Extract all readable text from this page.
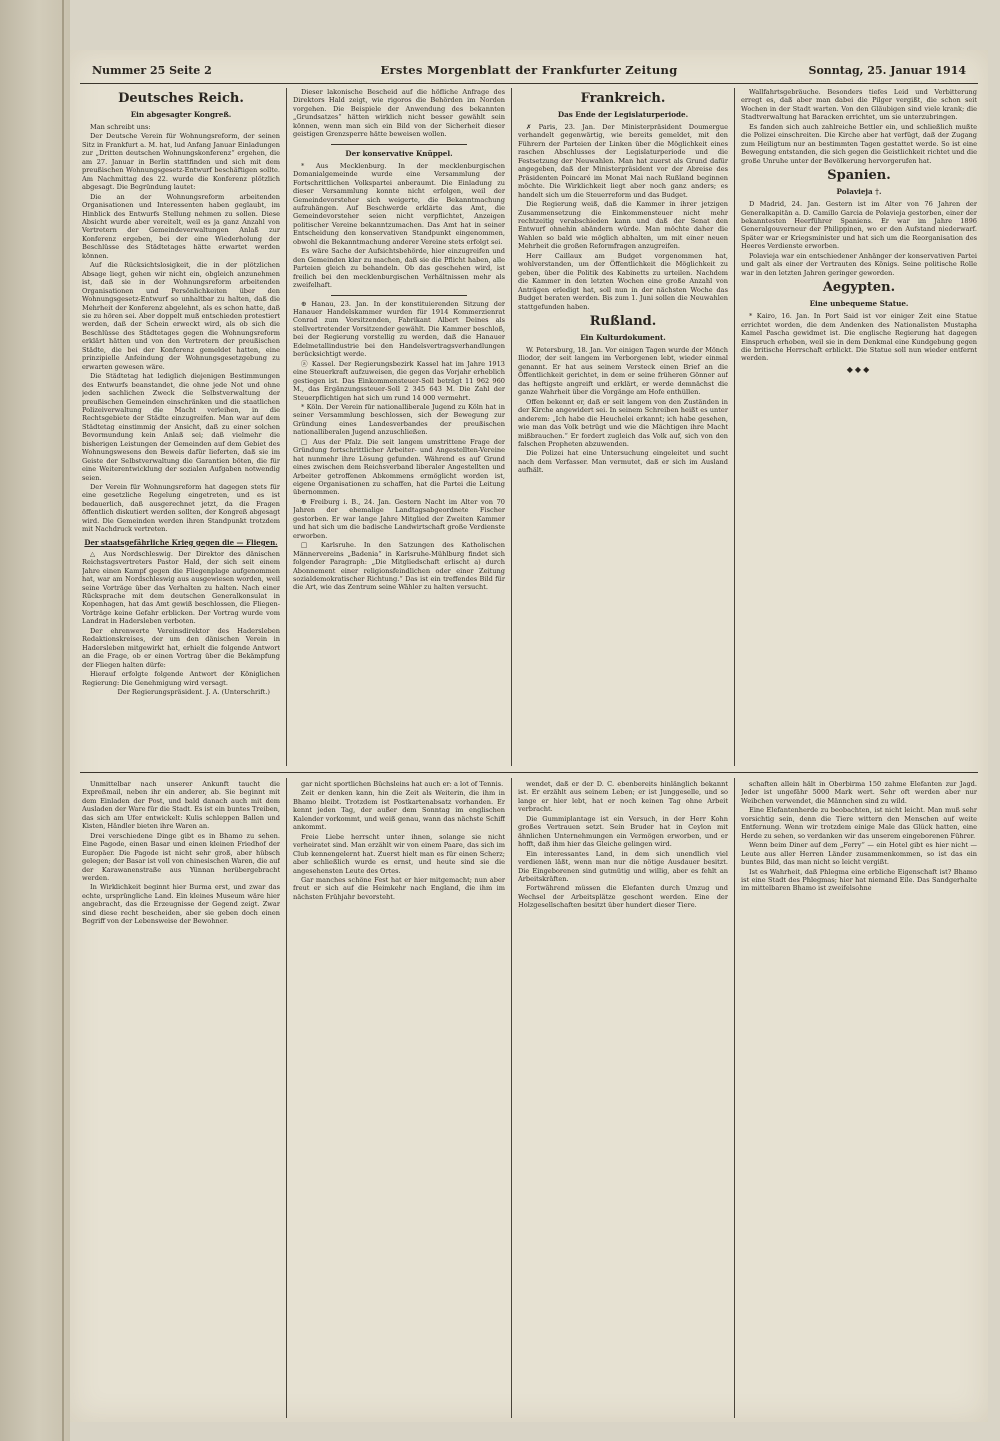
Nummer 25 Seite 2	Erstes Morgenblatt der Frankfurter Zeitung	Sonntag, 25. Januar 1914
Deutsches Reich.
Ein abgesagter Kongreß.

Man schreibt uns:

Der Deutsche Verein für Wohnungsreform, der seinen Sitz in Frankfurt a. M. hat, lud Anfang Januar Einladungen zur „Dritten deutschen Wohnungskonferenz“ ergehen, die am 27. Januar in Berlin stattfinden und sich mit dem preußischen Wohnungsgesetz-Entwurf beschäftigen sollte. Am Nachmittag des 22. wurde die Konferenz plötzlich abgesagt. Die Begründung lautet:

Die an der Wohnungsreform arbeitenden Organisationen und Interessenten haben geglaubt, im Hinblick des Entwurfs Stellung nehmen zu sollen. Diese Absicht wurde aber vereitelt, weil es ja ganz Anzahl von Vertretern der Gemeindeverwaltungen Anlaß zur Konferenz ergeben, bei der eine Wiederholung der Beschlüsse des Städtetages hätte erwartet werden können.

Auf die Rücksichtslosigkeit, die in der plötzlichen Absage liegt, gehen wir nicht ein, obgleich anzunehmen ist, daß sie in der Wohnungsreform arbeitenden Organisationen und Persönlichkeiten über den Wohnungsgesetz-Entwurf so unhaltbar zu halten, daß die Mehrheit der Konferenz abgelehnt, als es schon hatte, daß sie zu hören sei. Aber doppelt muß entschieden protestiert werden, daß der Schein erweckt wird, als ob sich die Beschlüsse des Städtetages gegen die Wohnungsreform erklärt hätten und von den Vertretern der preußischen Städte, die bei der Konferenz gemeldet hatten, eine prinzipielle Anfeindung der Wohnungsgesetzgebung zu erwarten gewesen wäre.

Die Städtetag hat lediglich diejenigen Bestimmungen des Entwurfs beanstandet, die ohne jede Not und ohne jeden sachlichen Zweck die Selbstverwaltung der preußischen Gemeinden einschränken und die staatlichen Polizeiverwaltung die Macht verleihen, in die Rechtsgebiete der Städte einzugreifen. Man war auf dem Städtetag einstimmig der Ansicht, daß zu einer solchen Bevormundung kein Anlaß sei; daß vielmehr die bisherigen Leistungen der Gemeinden auf dem Gebiet des Wohnungswesens den Beweis dafür lieferten, daß sie im Geiste der Selbstverwaltung die Garantien böten, die für eine Weiterentwicklung der sozialen Aufgaben notwendig seien.

Der Verein für Wohnungsreform hat dagegen stets für eine gesetzliche Regelung eingetreten, und es ist bedauerlich, daß ausgerechnet jetzt, da die Fragen öffentlich diskutiert werden sollten, der Kongreß abgesagt wird. Die Gemeinden werden ihren Standpunkt trotzdem mit Nachdruck vertreten.

Der staatsgefährliche Krieg gegen die — Fliegen.

△ Aus Nordschleswig. Der Direktor des dänischen Reichstagsvertreters Pastor Hald, der sich seit einem Jahre einen Kampf gegen die Fliegenplage aufgenommen hat, war am Nordschleswig aus ausgewiesen worden, weil seine Vorträge über das Verhalten zu halten. Nach einer Rücksprache mit dem deutschen Generalkonsulat in Kopenhagen, hat das Amt gewiß beschlossen, die Fliegen-Vorträge keine Gefahr erblicken. Der Vortrag wurde vom Landrat in Hadersleben verboten.

Der ehrenwerte Vereinsdirektor des Hadersleben Redaktionskreises, der um den dänischen Verein in Hadersleben mitgewirkt hat, erhielt die folgende Antwort an die Frage, ob er einen Vortrag über die Bekämpfung der Fliegen halten dürfe:

Hierauf erfolgte folgende Antwort der Königlichen Regierung: Die Genehmigung wird versagt.

Der Regierungspräsident. J. A. (Unterschrift.)

Dieser lakonische Bescheid auf die höfliche Anfrage des Direktors Hald zeigt, wie rigoros die Behörden im Norden vorgehen. Die Beispiele der Anwendung des bekannten „Grundsatzes“ hätten wirklich nicht besser gewählt sein können, wenn man sich ein Bild von der Sicherheit dieser geistigen Grenzsperre hätte beweisen wollen.

Der konservative Knüppel.

* Aus Mecklenburg. In der mecklenburgischen Domanialgemeinde wurde eine Versammlung der Fortschrittlichen Volkspartei anberaumt. Die Einladung zu dieser Versammlung konnte nicht erfolgen, weil der Gemeindevorsteher sich weigerte, die Bekanntmachung aufzuhängen. Auf Beschwerde erklärte das Amt, die Gemeindevorsteher seien nicht verpflichtet, Anzeigen politischer Vereine bekanntzumachen. Das Amt hat in seiner Entscheidung den konservativen Standpunkt eingenommen, obwohl die Bekanntmachung anderer Vereine stets erfolgt sei.

Es wäre Sache der Aufsichtsbehörde, hier einzugreifen und den Gemeinden klar zu machen, daß sie die Pflicht haben, alle Parteien gleich zu behandeln. Ob das geschehen wird, ist freilich bei den mecklenburgischen Verhältnissen mehr als zweifelhaft.

⊕ Hanau, 23. Jan. In der konstituierenden Sitzung der Hanauer Handelskammer wurden für 1914 Kommerzienrat Conrad zum Vorsitzenden, Fabrikant Albert Deines als stellvertretender Vorsitzender gewählt. Die Kammer beschloß, bei der Regierung vorstellig zu werden, daß die Hanauer Edelmetallindustrie bei den Handelsvertragsverhandlungen berücksichtigt werde.

ⓐ Kassel. Der Regierungsbezirk Kassel hat im Jahre 1913 eine Steuerkraft aufzuweisen, die gegen das Vorjahr erheblich gestiegen ist. Das Einkommensteuer-Soll beträgt 11 962 960 M., das Ergänzungssteuer-Soll 2 345 643 M. Die Zahl der Steuerpflichtigen hat sich um rund 14 000 vermehrt.

* Köln. Der Verein für nationalliberale Jugend zu Köln hat in seiner Versammlung beschlossen, sich der Bewegung zur Gründung eines Landesverbandes der preußischen nationalliberalen Jugend anzuschließen.

□ Aus der Pfalz. Die seit langem umstrittene Frage der Gründung fortschrittlicher Arbeiter- und Angestellten-Vereine hat nunmehr ihre Lösung gefunden. Während es auf Grund eines zwischen dem Reichsverband liberaler Angestellten und Arbeiter getroffenen Abkommens ermöglicht worden ist, eigene Organisationen zu schaffen, hat die Partei die Leitung übernommen.

⊕ Freiburg i. B., 24. Jan. Gestern Nacht im Alter von 70 Jahren der ehemalige Landtagsabgeordnete Fischer gestorben. Er war lange Jahre Mitglied der Zweiten Kammer und hat sich um die badische Landwirtschaft große Verdienste erworben.

□ Karlsruhe. In den Satzungen des Katholischen Männervereins „Badenia“ in Karlsruhe-Mühlburg findet sich folgender Paragraph: „Die Mitgliedschaft erlischt a) durch Abonnement einer religionsfeindlichen oder einer Zeitung sozialdemokratischer Richtung.“ Das ist ein treffendes Bild für die Art, wie das Zentrum seine Wähler zu halten versucht.

Frankreich.
Das Ende der Legislaturperiode.

✗ Paris, 23. Jan. Der Ministerpräsident Doumergue verhandelt gegenwärtig, wie bereits gemeldet, mit den Führern der Parteien der Linken über die Möglichkeit eines raschen Abschlusses der Legislaturperiode und die Festsetzung der Neuwahlen. Man hat zuerst als Grund dafür angegeben, daß der Ministerpräsident vor der Abreise des Präsidenten Poincaré im Monat Mai nach Rußland beginnen möchte. Die Wirklichkeit liegt aber noch ganz anders; es handelt sich um die Steuerreform und das Budget.

Die Regierung weiß, daß die Kammer in ihrer jetzigen Zusammensetzung die Einkommensteuer nicht mehr rechtzeitig verabschieden kann und daß der Senat den Entwurf ohnehin abändern würde. Man möchte daher die Wahlen so bald wie möglich abhalten, um mit einer neuen Mehrheit die großen Reformfragen anzugreifen.

Herr Caillaux am Budget vorgenommen hat, wohlverstanden, um der Öffentlichkeit die Möglichkeit zu geben, über die Politik des Kabinetts zu urteilen. Nachdem die Kammer in den letzten Wochen eine große Anzahl von Anträgen erledigt hat, soll nun in der nächsten Woche das Budget beraten werden. Bis zum 1. Juni sollen die Neuwahlen stattgefunden haben.

Rußland.
Ein Kulturdokument.

W. Petersburg, 18. Jan. Vor einigen Tagen wurde der Mönch Iliodor, der seit langem im Verborgenen lebt, wieder einmal genannt. Er hat aus seinem Versteck einen Brief an die Öffentlichkeit gerichtet, in dem er seine früheren Gönner auf das heftigste angreift und erklärt, er werde demnächst die ganze Wahrheit über die Vorgänge am Hofe enthüllen.

Offen bekennt er, daß er seit langem von den Zuständen in der Kirche angewidert sei. In seinem Schreiben heißt es unter anderem: „Ich habe die Heuchelei erkannt; ich habe gesehen, wie man das Volk betrügt und wie die Mächtigen ihre Macht mißbrauchen.“ Er fordert zugleich das Volk auf, sich von den falschen Propheten abzuwenden.

Die Polizei hat eine Untersuchung eingeleitet und sucht nach dem Verfasser. Man vermutet, daß er sich im Ausland aufhält.

Wallfahrtsgebräuche. Besonders tiefes Leid und Verbitterung erregt es, daß aber man dabei die Pilger vergißt, die schon seit Wochen in der Stadt warten. Von den Gläubigen sind viele krank; die Stadtverwaltung hat Baracken errichtet, um sie unterzubringen.

Es fanden sich auch zahlreiche Bettler ein, und schließlich mußte die Polizei einschreiten. Die Kirche aber hat verfügt, daß der Zugang zum Heiligtum nur an bestimmten Tagen gestattet werde. So ist eine Bewegung entstanden, die sich gegen die Geistlichkeit richtet und die große Unruhe unter der Bevölkerung hervorgerufen hat.

Spanien.
Polavieja †.

D Madrid, 24. Jan. Gestern ist im Alter von 76 Jahren der Generalkapitän a. D. Camillo Garcia de Polavieja gestorben, einer der bekanntesten Heerführer Spaniens. Er war im Jahre 1896 Generalgouverneur der Philippinen, wo er den Aufstand niederwarf. Später war er Kriegsminister und hat sich um die Reorganisation des Heeres Verdienste erworben.

Polavieja war ein entschiedener Anhänger der konservativen Partei und galt als einer der Vertrauten des Königs. Seine politische Rolle war in den letzten Jahren geringer geworden.

Aegypten.
Eine unbequeme Statue.

* Kairo, 16. Jan. In Port Said ist vor einiger Zeit eine Statue errichtet worden, die dem Andenken des Nationalisten Mustapha Kamel Pascha gewidmet ist. Die englische Regierung hat dagegen Einspruch erhoben, weil sie in dem Denkmal eine Kundgebung gegen die britische Herrschaft erblickt. Die Statue soll nun wieder entfernt werden.

◆◆◆

Unmittelbar nach unserer Ankunft taucht die Expreßmail, neben ihr ein anderer, ab. Sie beginnt mit dem Einladen der Post, und bald danach auch mit dem Ausladen der Ware für die Stadt. Es ist ein buntes Treiben, das sich am Ufer entwickelt: Kulis schleppen Ballen und Kisten, Händler bieten ihre Waren an.

Drei verschiedene Dinge gibt es in Bhamo zu sehen. Eine Pagode, einen Basar und einen kleinen Friedhof der Europäer. Die Pagode ist nicht sehr groß, aber hübsch gelegen; der Basar ist voll von chinesischen Waren, die auf der Karawanenstraße aus Yünnan herübergebracht werden.

In Wirklichkeit beginnt hier Burma erst, und zwar das echte, ursprüngliche Land. Ein kleines Museum wäre hier angebracht, das die Erzeugnisse der Gegend zeigt. Zwar sind diese recht bescheiden, aber sie geben doch einen Begriff von der Lebensweise der Bewohner.

gar nicht sportlichen Büchsleins hat auch er: a lot of Tennis.

Zeit er denken kann, hin die Zeit als Weiterin, die ihm in Bhamo bleibt. Trotzdem ist Postkartenabsatz vorhanden. Er kennt jeden Tag, der außer dem Sonntag im englischen Kalender vorkommt, und weiß genau, wann das nächste Schiff ankommt.

Freie Liebe herrscht unter ihnen, solange sie nicht verheiratet sind. Man erzählt wir von einem Paare, das sich im Club kennengelernt hat. Zuerst hielt man es für einen Scherz; aber schließlich wurde es ernst, und heute sind sie die angesehensten Leute des Ortes.

Gar manches schöne Fest hat er hier mitgemacht; nun aber freut er sich auf die Heimkehr nach England, die ihm im nächsten Frühjahr bevorsteht.

wendet, daß er der D. C. ebenbereits hinlänglich bekannt ist. Er erzählt aus seinem Leben; er ist Junggeselle, und so lange er hier lebt, hat er noch keinen Tag ohne Arbeit verbracht.

Die Gummiplantage ist ein Versuch, in der Herr Kohn großes Vertrauen setzt. Sein Bruder hat in Ceylon mit ähnlichen Unternehmungen ein Vermögen erworben, und er hofft, daß ihm hier das Gleiche gelingen wird.

Ein interessantes Land, in dem sich unendlich viel verdienen läßt, wenn man nur die nötige Ausdauer besitzt. Die Eingeborenen sind gutmütig und willig, aber es fehlt an Arbeitskräften.

Fortwährend müssen die Elefanten durch Umzug und Wechsel der Arbeitsplätze geschont werden. Eine der Holzgesellschaften besitzt über hundert dieser Tiere.

schaften allein hält in Oberbirma 150 zahme Elefanten zur Jagd. Jeder ist ungefähr 5000 Mark wert. Sehr oft werden aber nur Weibchen verwendet, die Männchen sind zu wild.

Eine Elefantenherde zu beobachten, ist nicht leicht. Man muß sehr vorsichtig sein, denn die Tiere wittern den Menschen auf weite Entfernung. Wenn wir trotzdem einige Male das Glück hatten, eine Herde zu sehen, so verdanken wir das unserem eingeborenen Führer.

Wenn beim Diner auf dem „Ferry“ — ein Hotel gibt es hier nicht — Leute aus aller Herren Länder zusammenkommen, so ist das ein buntes Bild, das man nicht so leicht vergißt.

Ist es Wahrheit, daß Phlegma eine erbliche Eigenschaft ist? Bhamo ist eine Stadt des Phlegmas; hier hat niemand Eile. Das Sandgerhalte im mittelbaren Bhamo ist zweifelsohne
